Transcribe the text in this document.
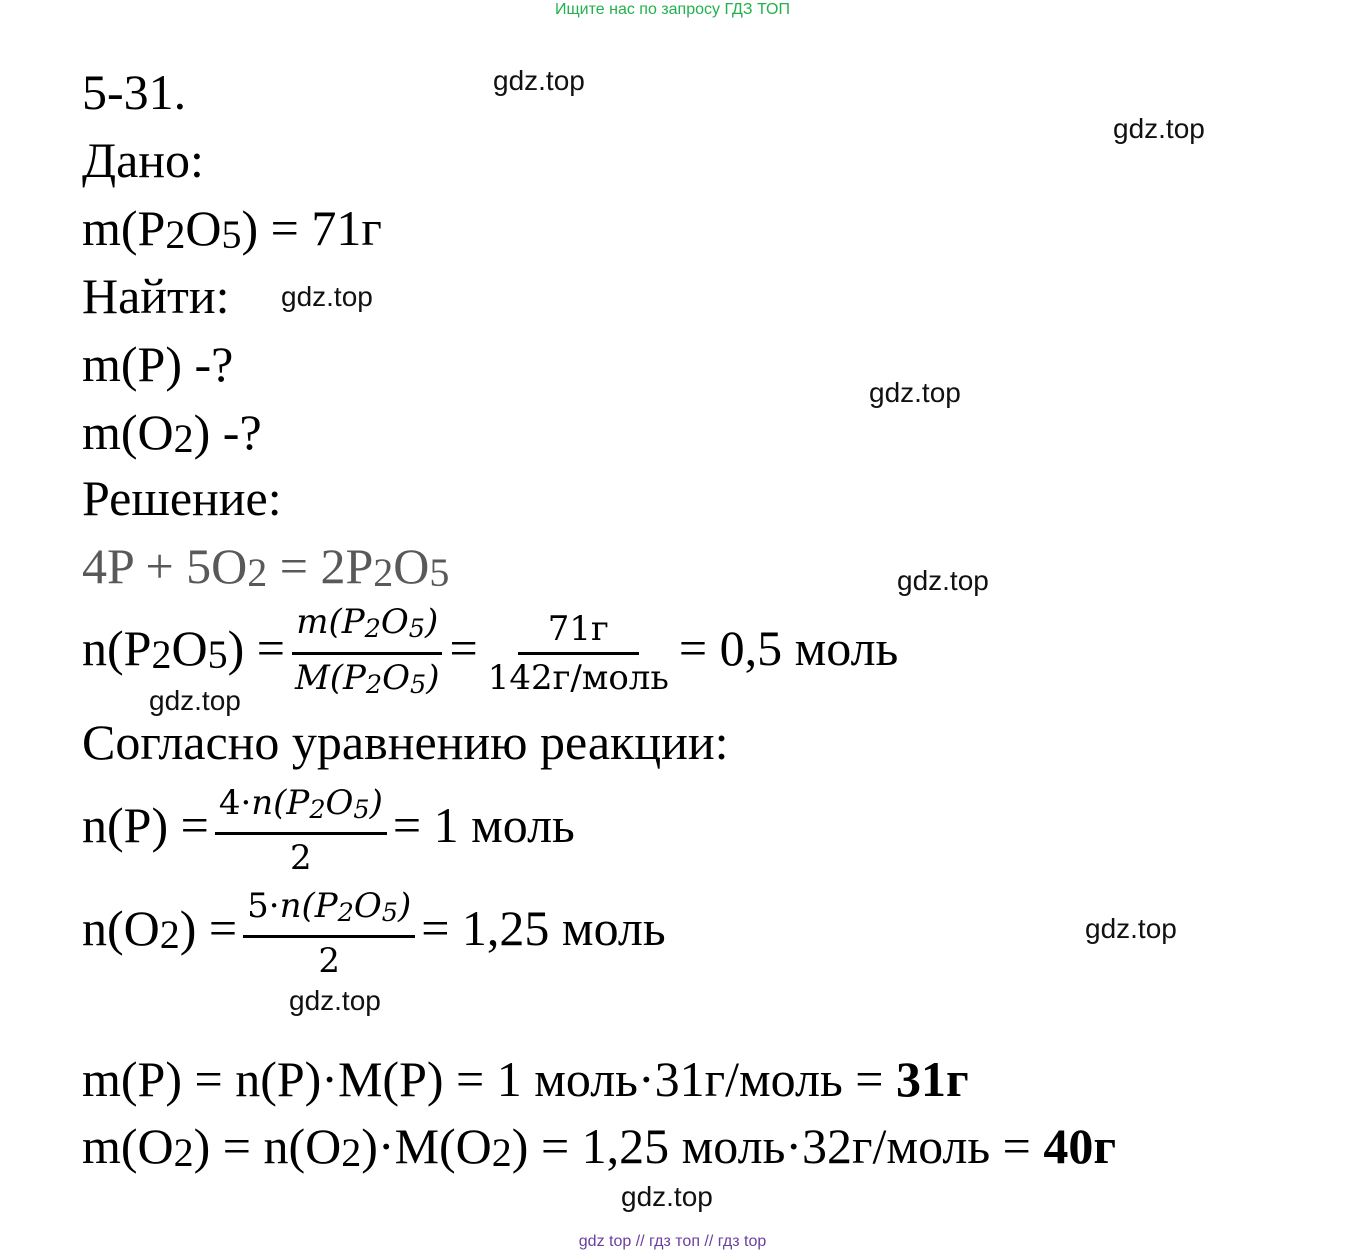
Ищите нас по запросу ГДЗ ТОП
5-31.
Дано:
$m(P_2O_5) = 71г$
Найти:
m(P) -?
$m(O_2)$ -?
Решение:
$4P + 5O_2 = 2P_2O_5$
$n(P_2O_5) = \frac{m(P_2O_5)}{M(P_2O_5)} = \frac{71г}{\text{142г/моль}} = 0,5$ моль
Согласно уравнению реакции:
$n(P) = \frac{4\cdot n(P_2O_5)}{2} = 1$ моль
$n(O_2) = \frac{5\cdot n(P_2O_5)}{2} = 1,25$ моль
m(P) = n(P)·M(P) = 1 моль·31г/моль = 31г
$m(O_2) = n(O_2)\cdot M(O_2) = 1,25$ моль·32г/моль = 40г
gdz.top
gdz.top
gdz.top
gdz.top
gdz.top
gdz.top
gdz.top
gdz.top
gdz.top
gdz top // гдз топ // гдз top
